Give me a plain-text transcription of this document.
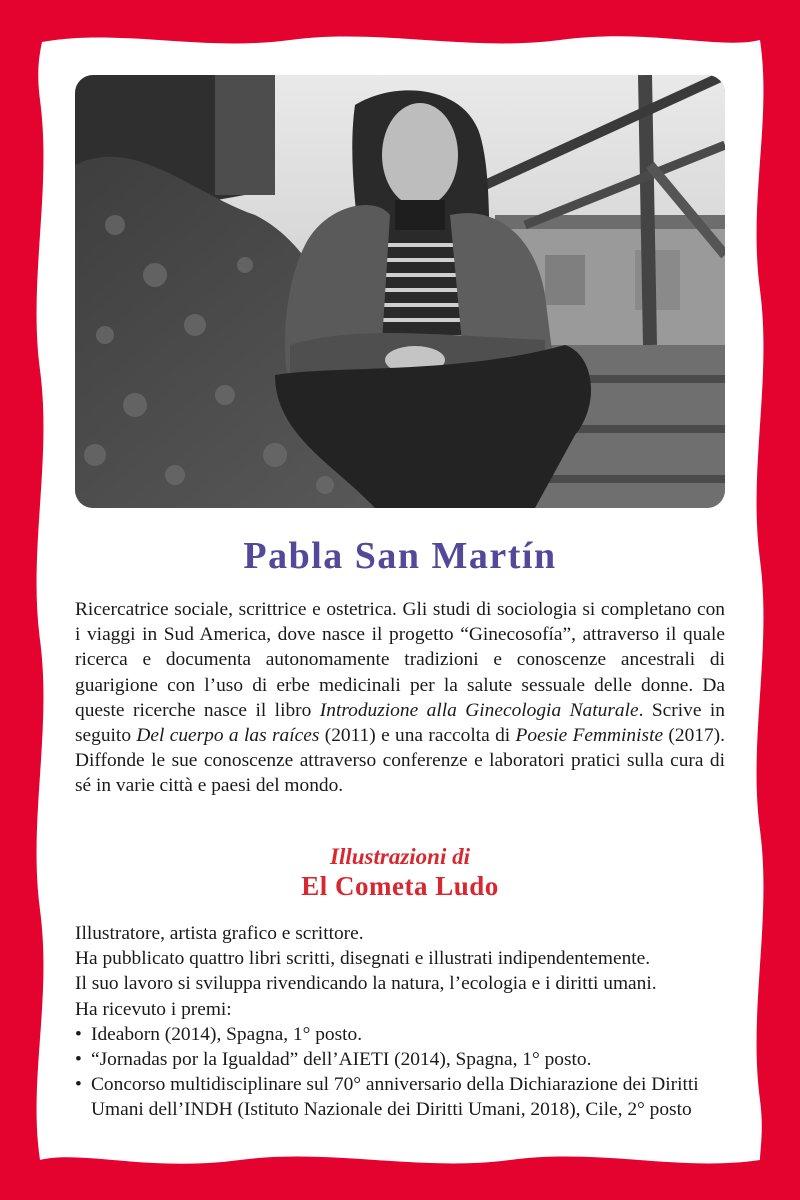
Pabla San Martín

Ricercatrice sociale, scrittrice e ostetrica. Gli studi di sociologia si completano con i viaggi in Sud America, dove nasce il progetto “Ginecosofía”, attraverso il quale ricerca e documenta autonomamente tradizioni e conoscenze ancestrali di guarigione con l’uso di erbe medicinali per la salute sessuale delle donne. Da queste ricerche nasce il libro Introduzione alla Ginecologia Naturale. Scrive in seguito Del cuerpo a las raíces (2011) e una raccolta di Poesie Femministe (2017). Diffonde le sue conoscenze attraverso conferenze e laboratori pratici sulla cura di sé in varie città e paesi del mondo.

Illustrazioni di
El Cometa Ludo

Illustratore, artista grafico e scrittore.

Ha pubblicato quattro libri scritti, disegnati e illustrati indipendentemente.

Il suo lavoro si sviluppa rivendicando la natura, l’ecologia e i diritti umani.

Ha ricevuto i premi:

• Ideaborn (2014), Spagna, 1° posto.
• “Jornadas por la Igualdad” dell’AIETI (2014), Spagna, 1° posto.
• Concorso multidisciplinare sul 70° anniversario della Dichiarazione dei Diritti
Umani dell’INDH (Istituto Nazionale dei Diritti Umani, 2018), Cile, 2° posto
